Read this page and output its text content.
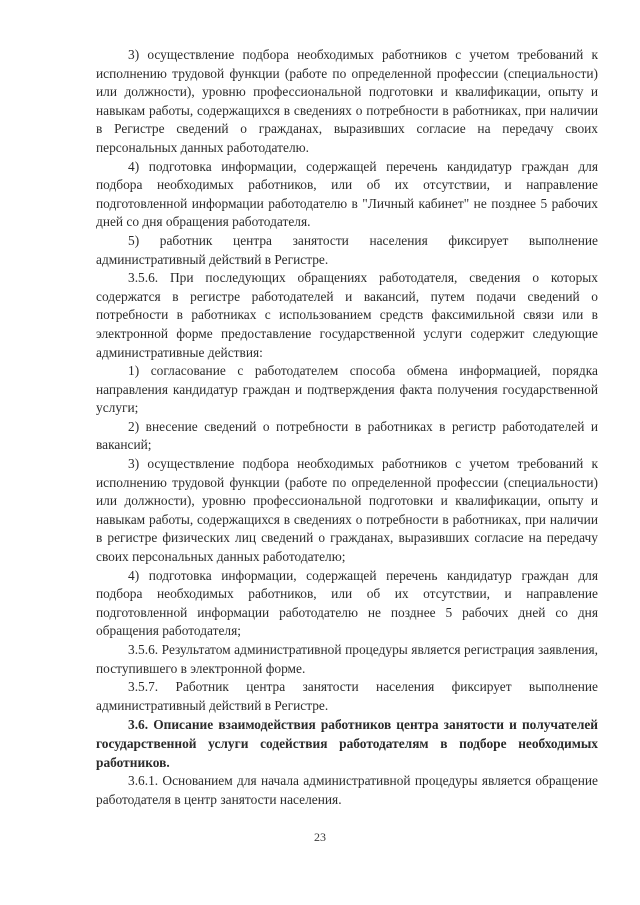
3) осуществление подбора необходимых работников с учетом требований к исполнению трудовой функции (работе по определенной профессии (специальности) или должности), уровню профессиональной подготовки и квалификации, опыту и навыкам работы, содержащихся в сведениях о потребности в работниках, при наличии в Регистре сведений о гражданах, выразивших согласие на передачу своих персональных данных работодателю.

4) подготовка информации, содержащей перечень кандидатур граждан для подбора необходимых работников, или об их отсутствии, и направление подготовленной информации работодателю в "Личный кабинет" не позднее 5 рабочих дней со дня обращения работодателя.

5) работник центра занятости населения фиксирует выполнение административный действий в Регистре.

3.5.6. При последующих обращениях работодателя, сведения о которых содержатся в регистре работодателей и вакансий, путем подачи сведений о потребности в работниках с использованием средств факсимильной связи или в электронной форме предоставление государственной услуги содержит следующие административные действия:

1) согласование с работодателем способа обмена информацией, порядка направления кандидатур граждан и подтверждения факта получения государственной услуги;

2) внесение сведений о потребности в работниках в регистр работодателей и вакансий;

3) осуществление подбора необходимых работников с учетом требований к исполнению трудовой функции (работе по определенной профессии (специальности) или должности), уровню профессиональной подготовки и квалификации, опыту и навыкам работы, содержащихся в сведениях о потребности в работниках, при наличии в регистре физических лиц сведений о гражданах, выразивших согласие на передачу своих персональных данных работодателю;

4) подготовка информации, содержащей перечень кандидатур граждан для подбора необходимых работников, или об их отсутствии, и направление подготовленной информации работодателю не позднее 5 рабочих дней со дня обращения работодателя;

3.5.6. Результатом административной процедуры является регистрация заявления, поступившего в электронной форме.

3.5.7. Работник центра занятости населения фиксирует выполнение административный действий в Регистре.

3.6. Описание взаимодействия работников центра занятости и получателей государственной услуги содействия работодателям в подборе необходимых работников.

3.6.1. Основанием для начала административной процедуры является обращение работодателя в центр занятости населения.

23
